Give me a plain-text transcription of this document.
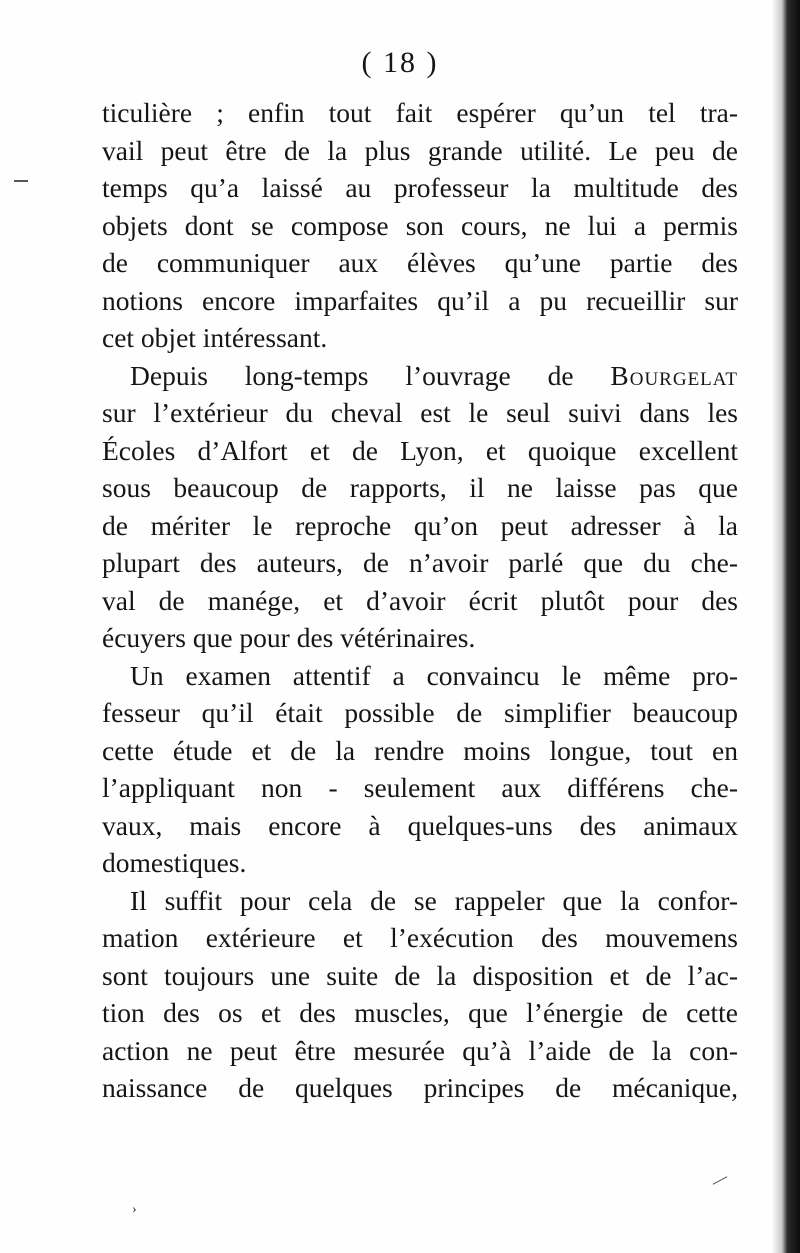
( 18 )
ticulière ; enfin tout fait espérer qu’un tel tra-
vail peut être de la plus grande utilité. Le peu de
temps qu’a laissé au professeur la multitude des
objets dont se compose son cours, ne lui a permis
de communiquer aux élèves qu’une partie des
notions encore imparfaites qu’il a pu recueillir sur
cet objet intéressant.
Depuis long-temps l’ouvrage de Bourgelat
sur l’extérieur du cheval est le seul suivi dans les
Écoles d’Alfort et de Lyon, et quoique excellent
sous beaucoup de rapports, il ne laisse pas que
de mériter le reproche qu’on peut adresser à la
plupart des auteurs, de n’avoir parlé que du che-
val de manége, et d’avoir écrit plutôt pour des
écuyers que pour des vétérinaires.
Un examen attentif a convaincu le même pro-
fesseur qu’il était possible de simplifier beaucoup
cette étude et de la rendre moins longue, tout en
l’appliquant non - seulement aux différens che-
vaux, mais encore à quelques-uns des animaux
domestiques.
Il suffit pour cela de se rappeler que la confor-
mation extérieure et l’exécution des mouvemens
sont toujours une suite de la disposition et de l’ac-
tion des os et des muscles, que l’énergie de cette
action ne peut être mesurée qu’à l’aide de la con-
naissance de quelques principes de mécanique,
›
